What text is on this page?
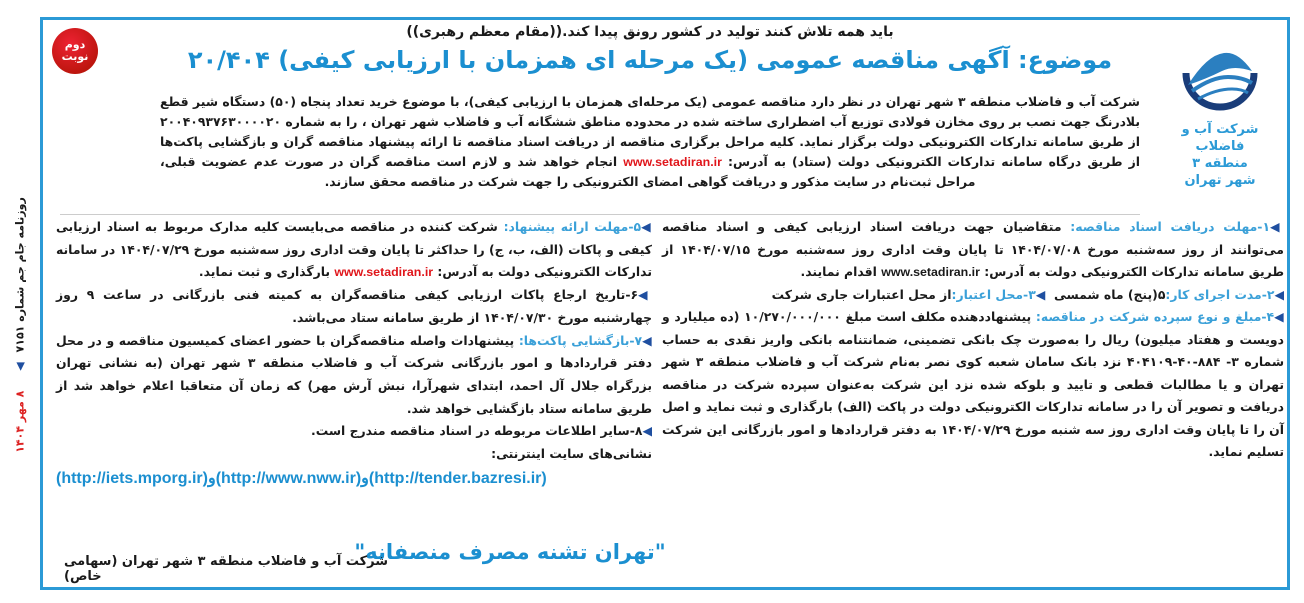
روزنامه جام جم شماره ۷۱۵۱ ◀ ۸ مهر ۱۴۰۴
دوم
نوبت
شرکت آب و فاضلاب
منطقه ۳
شهر تهران
باید همه تلاش کنند تولید در کشور رونق پیدا کند.((مقام معظم رهبری))
موضوع: آگهی مناقصه عمومی (یک مرحله ای همزمان با ارزیابی کیفی) ۲۰/۴۰۴
شرکت آب و فاضلاب منطقه ۳ شهر تهران در نظر دارد مناقصه عمومی (یک مرحله‌ای همزمان با ارزیابی کیفی)، با موضوع خرید تعداد پنجاه (۵۰) دستگاه شیر قطع بلادرنگ جهت نصب بر روی مخازن فولادی توزیع آب اضطراری ساخته شده در محدوده مناطق ششگانه آب و فاضلاب شهر تهران ، را به شماره ۲۰۰۴۰۹۳۷۶۳۰۰۰۰۲۰ از طریق سامانه تدارکات الکترونیکی دولت برگزار نماید. کلیه مراحل برگزاری مناقصه از دریافت اسناد مناقصه تا ارائه پیشنهاد مناقصه گران و بازگشایی پاکت‌ها از طریق درگاه سامانه تدارکات الکترونیکی دولت (ستاد) به آدرس: www.setadiran.ir انجام خواهد شد و لازم است مناقصه گران در صورت عدم عضویت قبلی، مراحل ثبت‌نام در سایت مذکور و دریافت گواهی امضای الکترونیکی را جهت شرکت در مناقصه محقق سازند.

◀۱-مهلت دریافت اسناد مناقصه: متقاضیان جهت دریافت اسناد ارزیابی کیفی و اسناد مناقصه می‌توانند از روز سه‌شنبه مورخ ۱۴۰۴/۰۷/۰۸ تا پایان وقت اداری روز سه‌شنبه مورخ ۱۴۰۴/۰۷/۱۵ از طریق سامانه تدارکات الکترونیکی دولت به آدرس: www.setadiran.ir اقدام نمایند.

◀۲-مدت اجرای کار:۵(پنج) ماه شمسی  ◀۳-محل اعتبار:از محل اعتبارات جاری شرکت

◀۴-مبلغ و نوع سپرده شرکت در مناقصه: پیشنهاددهنده مکلف است مبلغ ۱۰/۲۷۰/۰۰۰/۰۰۰ (ده میلیارد و دویست و هفتاد میلیون) ریال را به‌صورت چک بانکی تضمینی، ضمانتنامه بانکی واریز نقدی به حساب شماره ۳- ۸۸۴-۴۰-۴۰۴۱۰۹ نزد بانک سامان شعبه کوی نصر به‌نام شرکت آب و فاضلاب منطقه ۳ شهر تهران و یا مطالبات قطعی و تایید و بلوکه شده نزد این شرکت به‌عنوان سپرده شرکت در مناقصه دریافت و تصویر آن را در سامانه تدارکات الکترونیکی دولت در پاکت (الف) بارگذاری و ثبت نماید و اصل آن را تا پایان وقت اداری روز سه شنبه مورخ ۱۴۰۴/۰۷/۲۹ به دفتر قراردادها و امور بازرگانی این شرکت تسلیم نماید.

◀۵-مهلت ارائه پیشنهاد: شرکت کننده در مناقصه می‌بایست کلیه مدارک مربوط به اسناد ارزیابی کیفی و پاکات (الف، ب، ج) را حداکثر تا پایان وقت اداری روز سه‌شنبه مورخ ۱۴۰۴/۰۷/۲۹ در سامانه تدارکات الکترونیکی دولت به آدرس: www.setadiran.ir بارگذاری و ثبت نماید.

◀۶-تاریخ ارجاع پاکات ارزیابی کیفی مناقصه‌گران به کمیته فنی بازرگانی در ساعت ۹ روز چهارشنبه مورخ ۱۴۰۴/۰۷/۳۰ از طریق سامانه ستاد می‌باشد.

◀۷-بازگشایی پاکت‌ها: پیشنهادات واصله مناقصه‌گران با حضور اعضای کمیسیون مناقصه و در محل دفتر قراردادها و امور بازرگانی شرکت آب و فاضلاب منطقه ۳ شهر تهران (به نشانی تهران بزرگراه جلال آل احمد، ابتدای شهرآرا، نبش آرش مهر) که زمان آن متعاقبا اعلام خواهد شد از طریق سامانه ستاد بازگشایی خواهد شد.

◀۸-سایر اطلاعات مربوطه در اسناد مناقصه مندرج است.

نشانی‌های سایت اینترنتی:

(http://iets.mporg.ir)و(http://www.nww.ir)و(http://tender.bazresi.ir)
"تهران تشنه مصرف منصفانه"
شرکت آب و فاضلاب منطقه ۳ شهر تهران (سهامی خاص)
